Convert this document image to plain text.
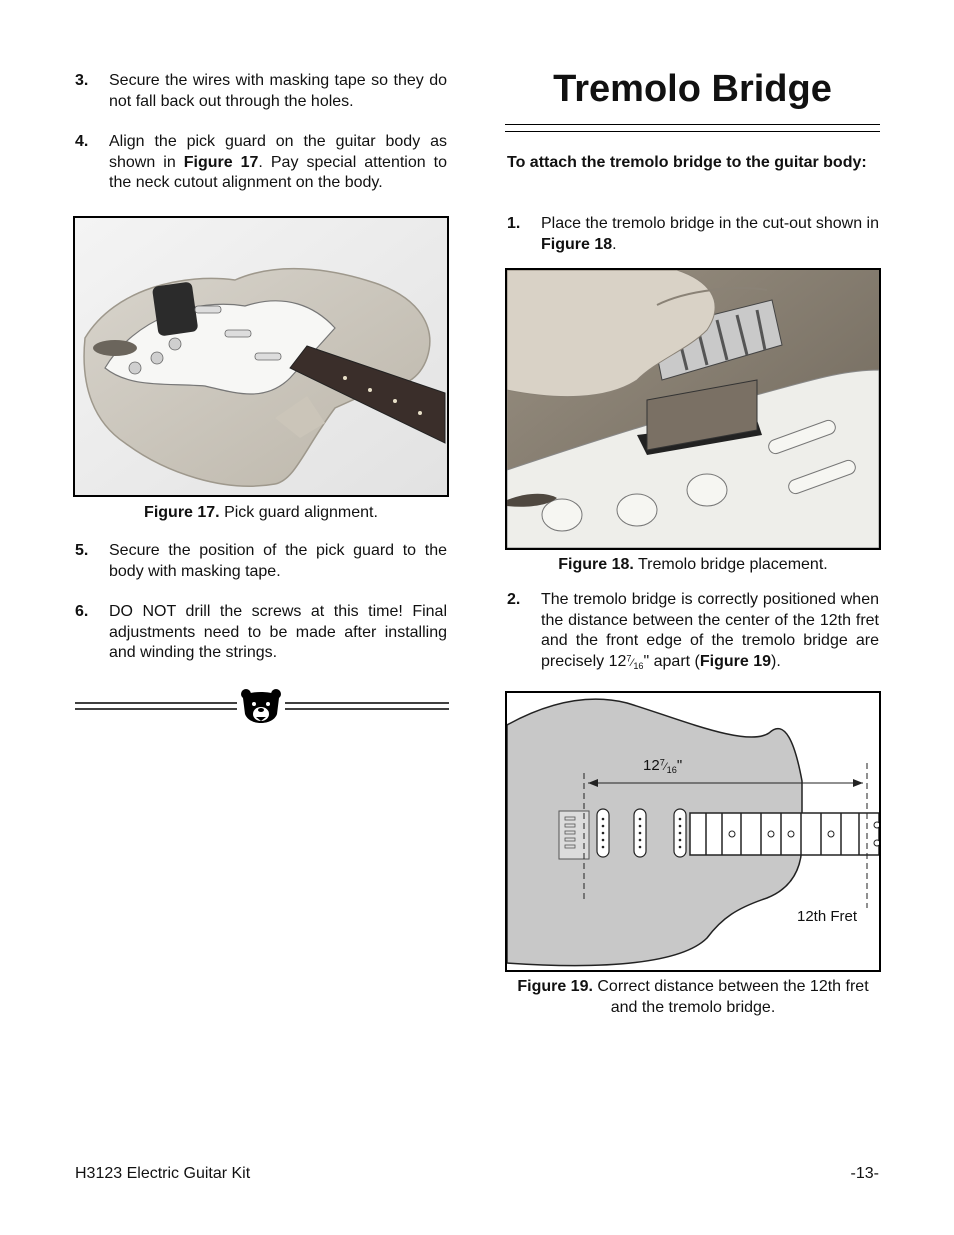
3. Secure the wires with masking tape so they do not fall back out through the holes.
4. Align the pick guard on the guitar body as shown in Figure 17. Pay special attention to the neck cutout alignment on the body.
Figure 17. Pick guard alignment.
5. Secure the position of the pick guard to the body with masking tape.
6. DO NOT drill the screws at this time! Final adjustments need to be made after installing and winding the strings.
Tremolo Bridge
To attach the tremolo bridge to the guitar body:
1. Place the tremolo bridge in the cut-out shown in Figure 18.
Figure 18. Tremolo bridge placement.
2. The tremolo bridge is correctly positioned when the distance between the center of the 12th fret and the front edge of the tremolo bridge are precisely $12^7⁄_{16}$" apart (Figure 19).
$12^7⁄_{16}$"
12th Fret
Figure 19. Correct distance between the 12th fret and the tremolo bridge.
H3123 Electric Guitar Kit	-13-
